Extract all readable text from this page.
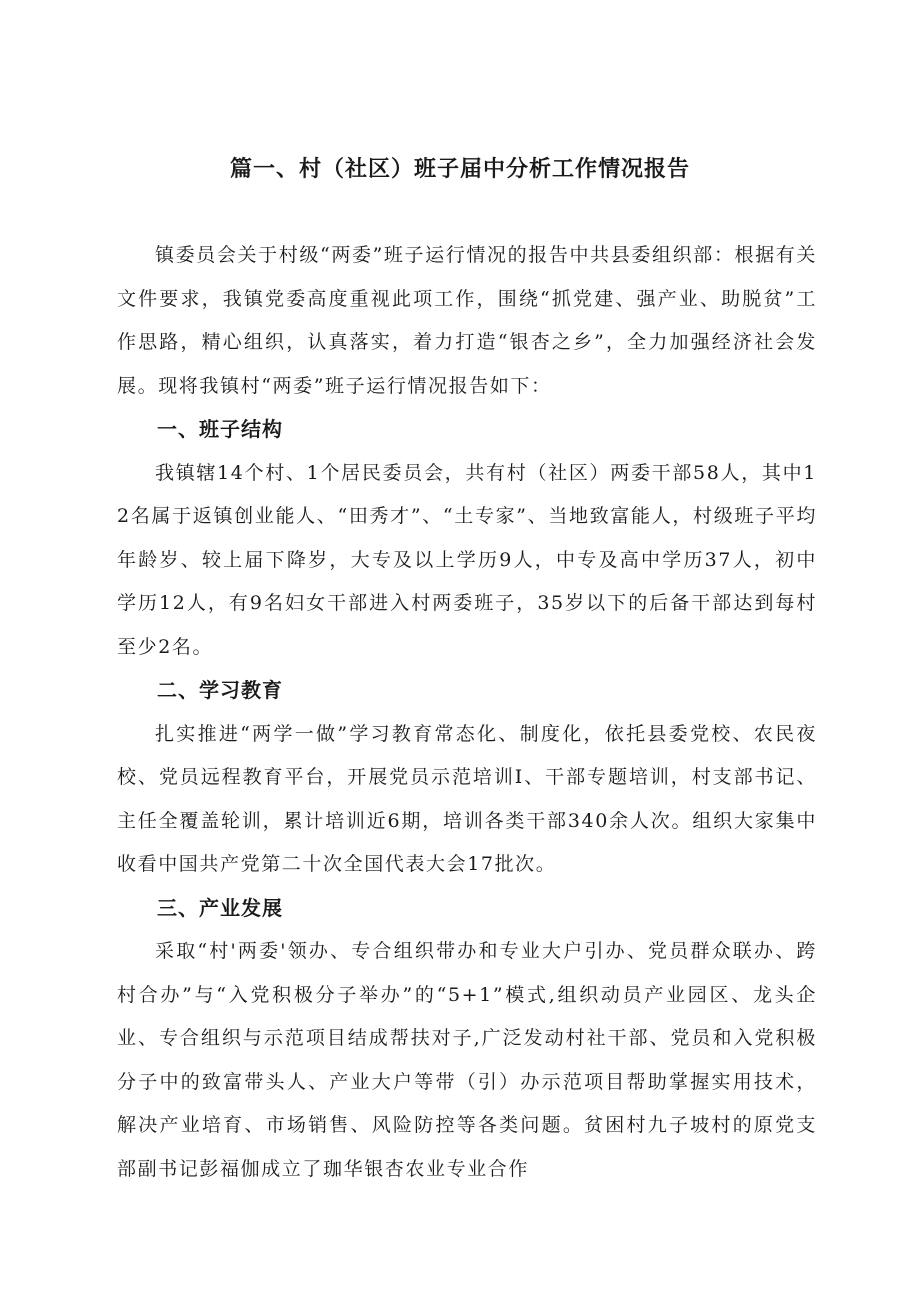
篇一、村（社区）班子届中分析工作情况报告

镇委员会关于村级“两委”班子运行情况的报告中共县委组织部：根据有关文件要求，我镇党委高度重视此项工作，围绕“抓党建、强产业、助脱贫”工作思路，精心组织，认真落实，着力打造“银杏之乡”，全力加强经济社会发展。现将我镇村“两委”班子运行情况报告如下：

一、班子结构

我镇辖14个村、1个居民委员会，共有村（社区）两委干部58人，其中12名属于返镇创业能人、“田秀才”、“土专家”、当地致富能人，村级班子平均年龄岁、较上届下降岁，大专及以上学历9人，中专及高中学历37人，初中学历12人，有9名妇女干部进入村两委班子，35岁以下的后备干部达到每村至少2名。

二、学习教育

扎实推进“两学一做”学习教育常态化、制度化，依托县委党校、农民夜校、党员远程教育平台，开展党员示范培训I、干部专题培训，村支部书记、主任全覆盖轮训，累计培训近6期，培训各类干部340余人次。组织大家集中收看中国共产党第二十次全国代表大会17批次。

三、产业发展

采取“村'两委'领办、专合组织带办和专业大户引办、党员群众联办、跨村合办”与“入党积极分子举办”的“5+1”模式,组织动员产业园区、龙头企业、专合组织与示范项目结成帮扶对子,广泛发动村社干部、党员和入党积极分子中的致富带头人、产业大户等带（引）办示范项目帮助掌握实用技术，解决产业培育、市场销售、风险防控等各类问题。贫困村九子坡村的原党支部副书记彭福伽成立了珈华银杏农业专业合作
